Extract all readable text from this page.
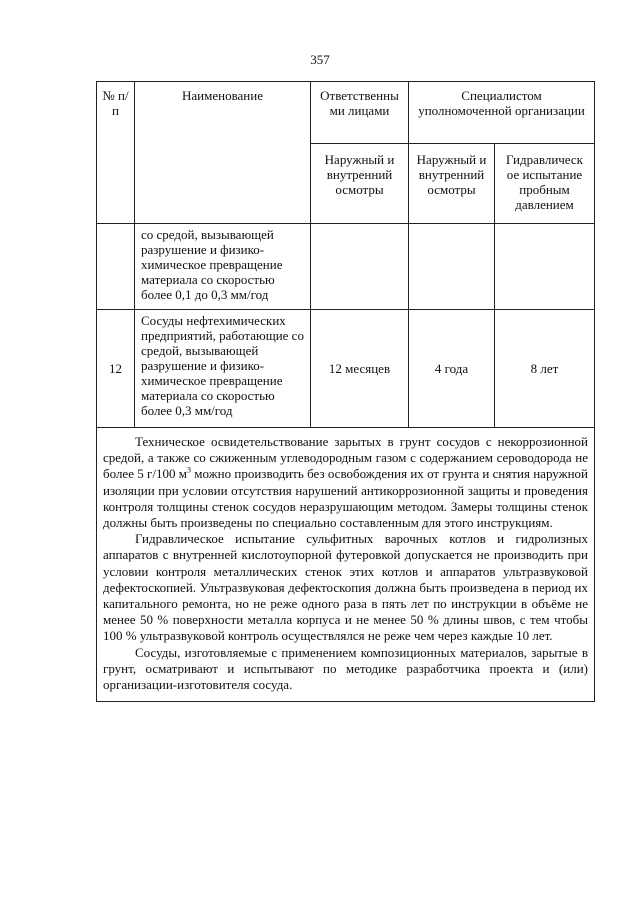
357
№ п/п	Наименование	Ответственны ми лицами	Специалистом уполномоченной организации	
		Наружный и внутренний осмотры	Наружный и внутренний осмотры	Гидравлическ ое испытание пробным давлением
	со средой, вызывающей разрушение и физико-химическое превращение материала со скоростью более 0,1 до 0,3 мм/год			
12	Сосуды нефтехимических предприятий, работающие со средой, вызывающей разрушение и физико-химическое превращение материала со скоростью более 0,3 мм/год	12 месяцев	4 года	8 лет

Техническое освидетельствование зарытых в грунт сосудов с некоррозионной средой, а также со сжиженным углеводородным газом с содержанием сероводорода не более 5 г/100 $м^3$ можно производить без освобождения их от грунта и снятия наружной изоляции при условии отсутствия нарушений антикоррозионной защиты и проведения контроля толщины стенок сосудов неразрушающим методом. Замеры толщины стенок должны быть произведены по специально составленным для этого инструкциям.

Гидравлическое испытание сульфитных варочных котлов и гидролизных аппаратов с внутренней кислотоупорной футеровкой допускается не производить при условии контроля металлических стенок этих котлов и аппаратов ультразвуковой дефектоскопией. Ультразвуковая дефектоскопия должна быть произведена в период их капитального ремонта, но не реже одного раза в пять лет по инструкции в объёме не менее 50 % поверхности металла корпуса и не менее 50 % длины швов, с тем чтобы 100 % ультразвуковой контроль осуществлялся не реже чем через каждые 10 лет.

Сосуды, изготовляемые с применением композиционных материалов, зарытые в грунт, осматривают и испытывают по методике разработчика проекта и (или) организации-изготовителя сосуда.				
